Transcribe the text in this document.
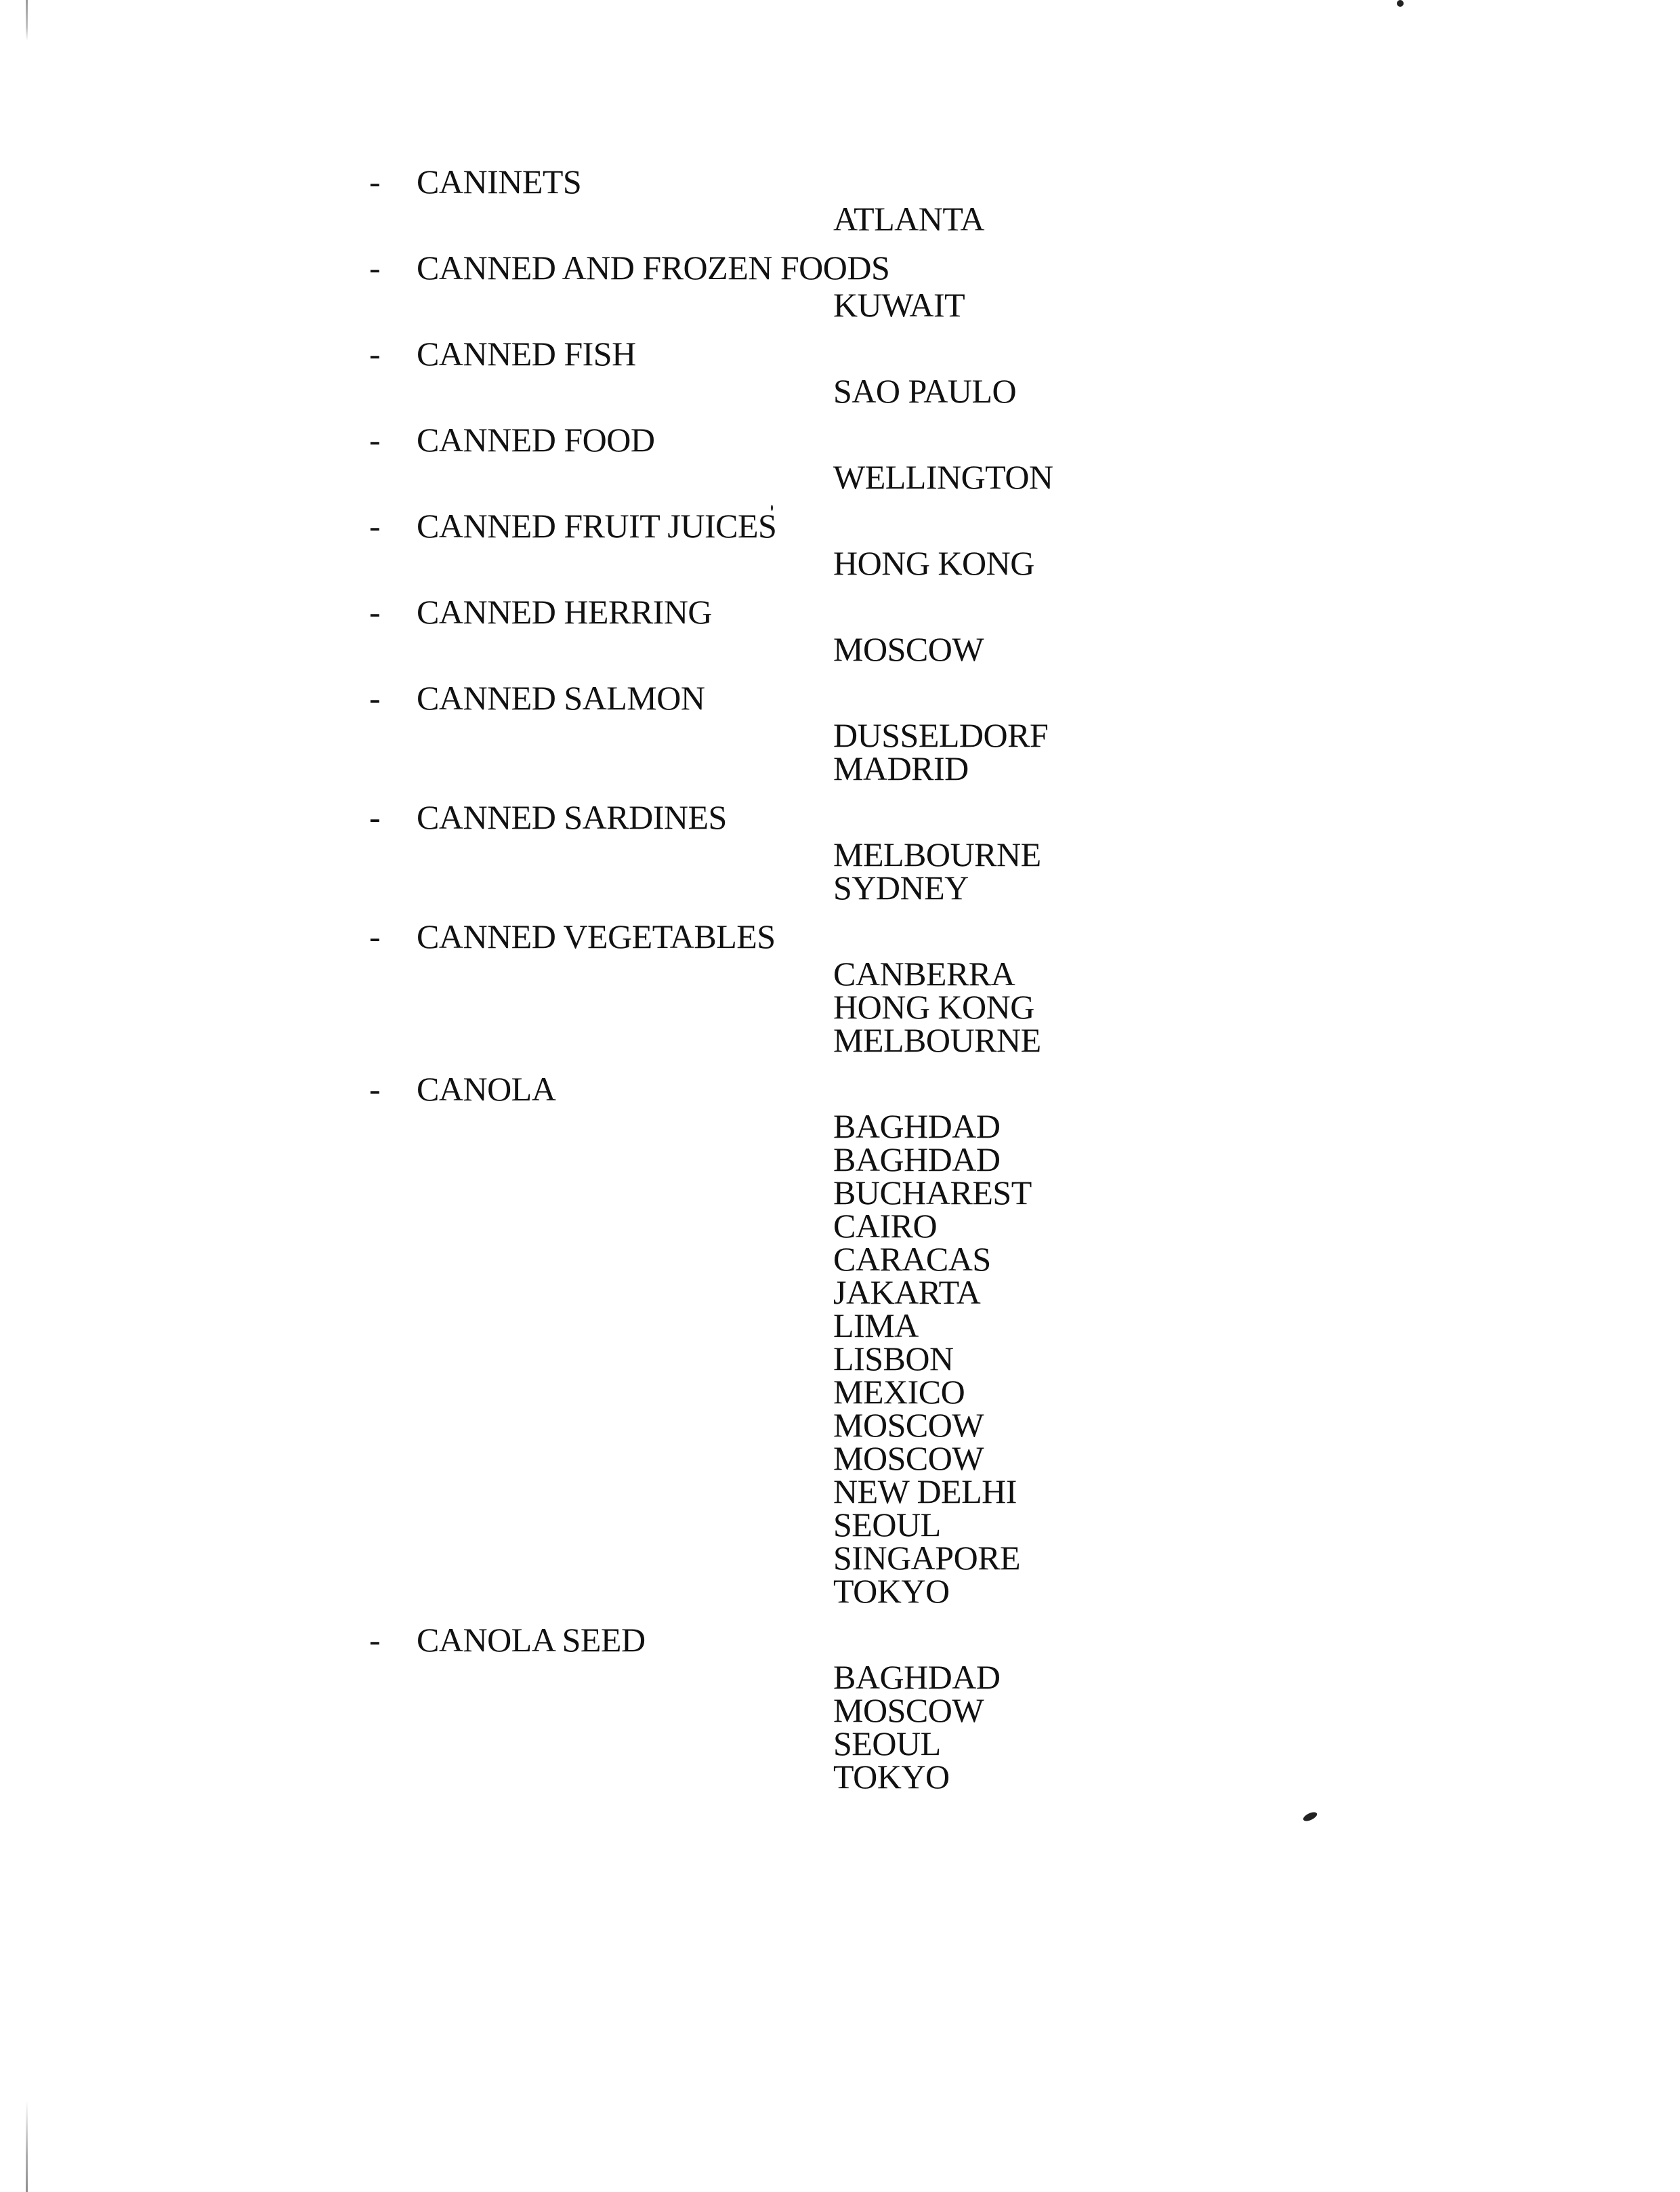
- CANINETS
ATLANTA
- CANNED AND FROZEN FOODS
KUWAIT
- CANNED FISH
SAO PAULO
- CANNED FOOD
WELLINGTON
- CANNED FRUIT JUICES
HONG KONG
- CANNED HERRING
MOSCOW
- CANNED SALMON
DUSSELDORF
MADRID
- CANNED SARDINES
MELBOURNE
SYDNEY
- CANNED VEGETABLES
CANBERRA
HONG KONG
MELBOURNE
- CANOLA
BAGHDAD
BAGHDAD
BUCHAREST
CAIRO
CARACAS
JAKARTA
LIMA
LISBON
MEXICO
MOSCOW
MOSCOW
NEW DELHI
SEOUL
SINGAPORE
TOKYO
- CANOLA SEED
BAGHDAD
MOSCOW
SEOUL
TOKYO
